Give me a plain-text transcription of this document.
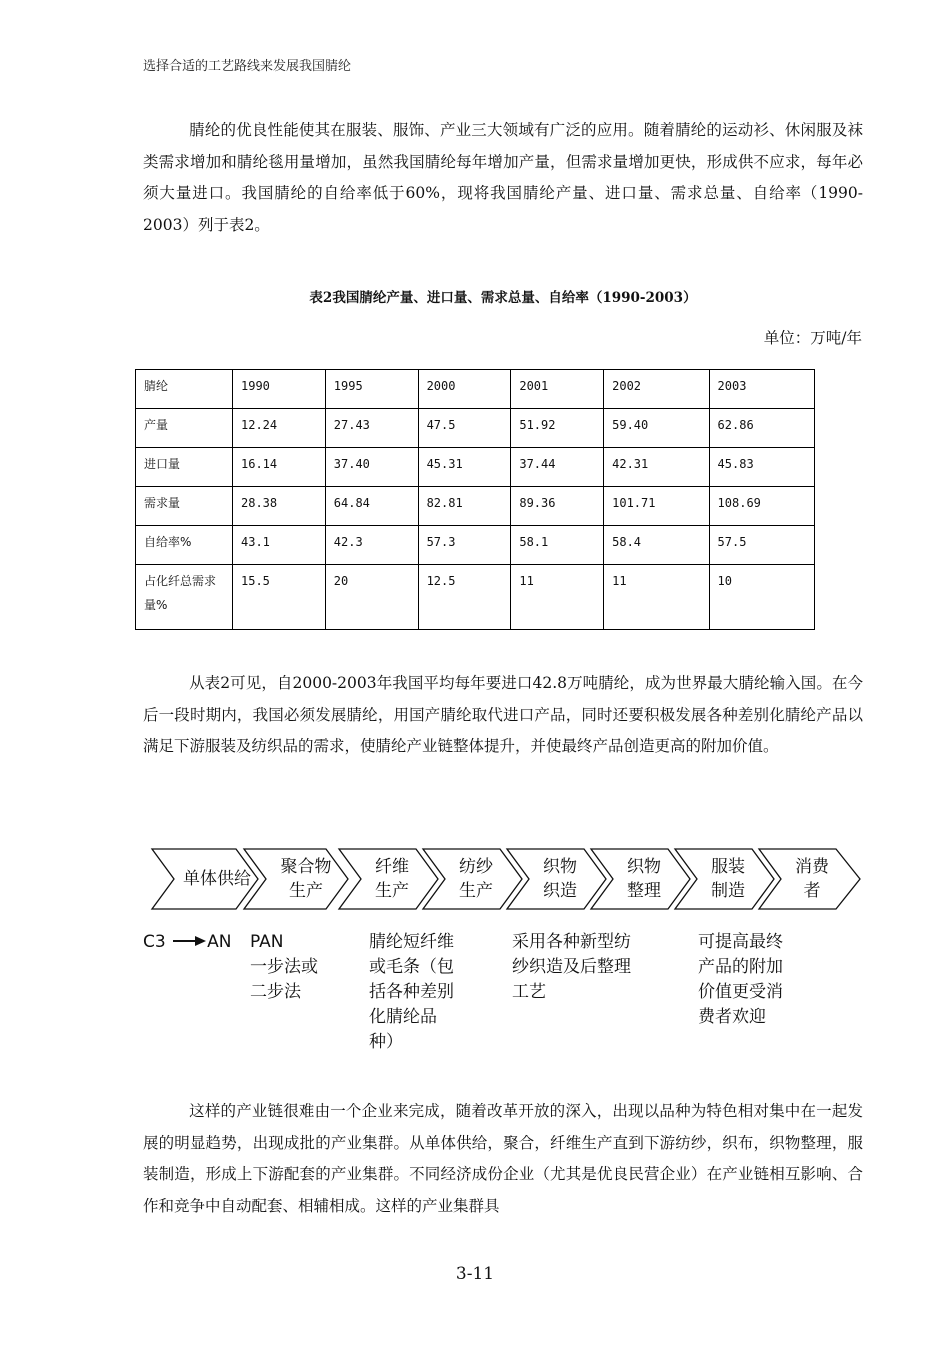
选择合适的工艺路线来发展我国腈纶

腈纶的优良性能使其在服装、服饰、产业三大领域有广泛的应用。随着腈纶的运动衫、休闲服及袜类需求增加和腈纶毯用量增加，虽然我国腈纶每年增加产量，但需求量增加更快，形成供不应求，每年必须大量进口。我国腈纶的自给率低于60%，现将我国腈纶产量、进口量、需求总量、自给率（1990-2003）列于表2。

表2我国腈纶产量、进口量、需求总量、自给率（1990-2003）
单位：万吨/年
腈纶	1990	1995	2000	2001	2002	2003
产量	12.24	27.43	47.5	51.92	59.40	62.86
进口量	16.14	37.40	45.31	37.44	42.31	45.83
需求量	28.38	64.84	82.81	89.36	101.71	108.69
自给率%	43.1	42.3	57.3	58.1	58.4	57.5
占化纤总需求量%	15.5	20	12.5	11	11	10

从表2可见，自2000-2003年我国平均每年要进口42.8万吨腈纶，成为世界最大腈纶输入国。在今后一段时期内，我国必须发展腈纶，用国产腈纶取代进口产品，同时还要积极发展各种差别化腈纶产品以满足下游服装及纺织品的需求，使腈纶产业链整体提升，并使最终产品创造更高的附加价值。

单体供给
聚合物
生产
纤维
生产
纺纱
生产
织物
织造
织物
整理
服装
制造
消费
者
C3 AN PAN
一步法或
二步法
腈纶短纤维
或毛条（包
括各种差别
化腈纶品
种）
采用各种新型纺
纱织造及后整理
工艺
可提高最终
产品的附加
价值更受消
费者欢迎

这样的产业链很难由一个企业来完成，随着改革开放的深入，出现以品种为特色相对集中在一起发展的明显趋势，出现成批的产业集群。从单体供给，聚合，纤维生产直到下游纺纱，织布，织物整理，服装制造，形成上下游配套的产业集群。不同经济成份企业（尤其是优良民营企业）在产业链相互影响、合作和竞争中自动配套、相辅相成。这样的产业集群具

3-11
